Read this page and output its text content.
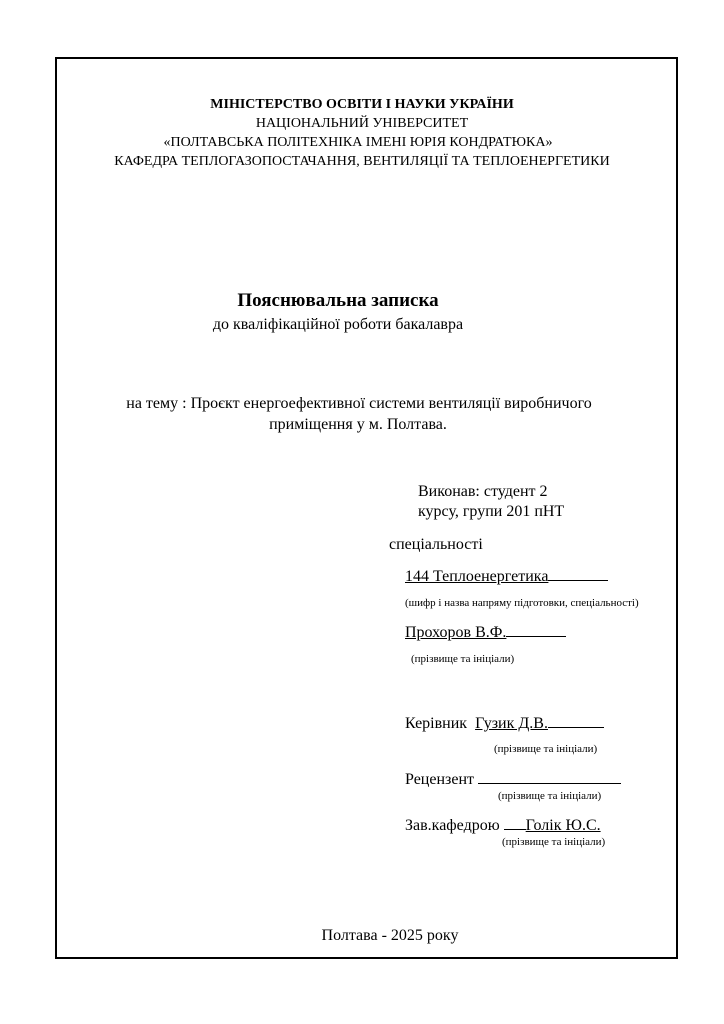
МІНІСТЕРСТВО ОСВІТИ І НАУКИ УКРАЇНИ
НАЦІОНАЛЬНИЙ УНІВЕРСИТЕТ
«ПОЛТАВСЬКА ПОЛІТЕХНІКА ІМЕНІ ЮРІЯ КОНДРАТЮКА»
КАФЕДРА ТЕПЛОГАЗОПОСТАЧАННЯ, ВЕНТИЛЯЦІЇ ТА ТЕПЛОЕНЕРГЕТИКИ
Пояснювальна записка
до кваліфікаційної роботи бакалавра
на тему : Проєкт енергоефективної системи вентиляції виробничого
приміщення у м. Полтава.
Виконав: студент 2
курсу, групи 201 пНТ
спеціальності
144 Теплоенергетика
(шифр і назва напряму підготовки, спеціальності)
Прохоров В.Ф.
(прізвище та ініціали)
Керівник Гузик Д.В.
(прізвище та ініціали)
Рецензент
(прізвище та ініціали)
Зав.кафедрою Голік Ю.С.
(прізвище та ініціали)
Полтава - 2025 року
